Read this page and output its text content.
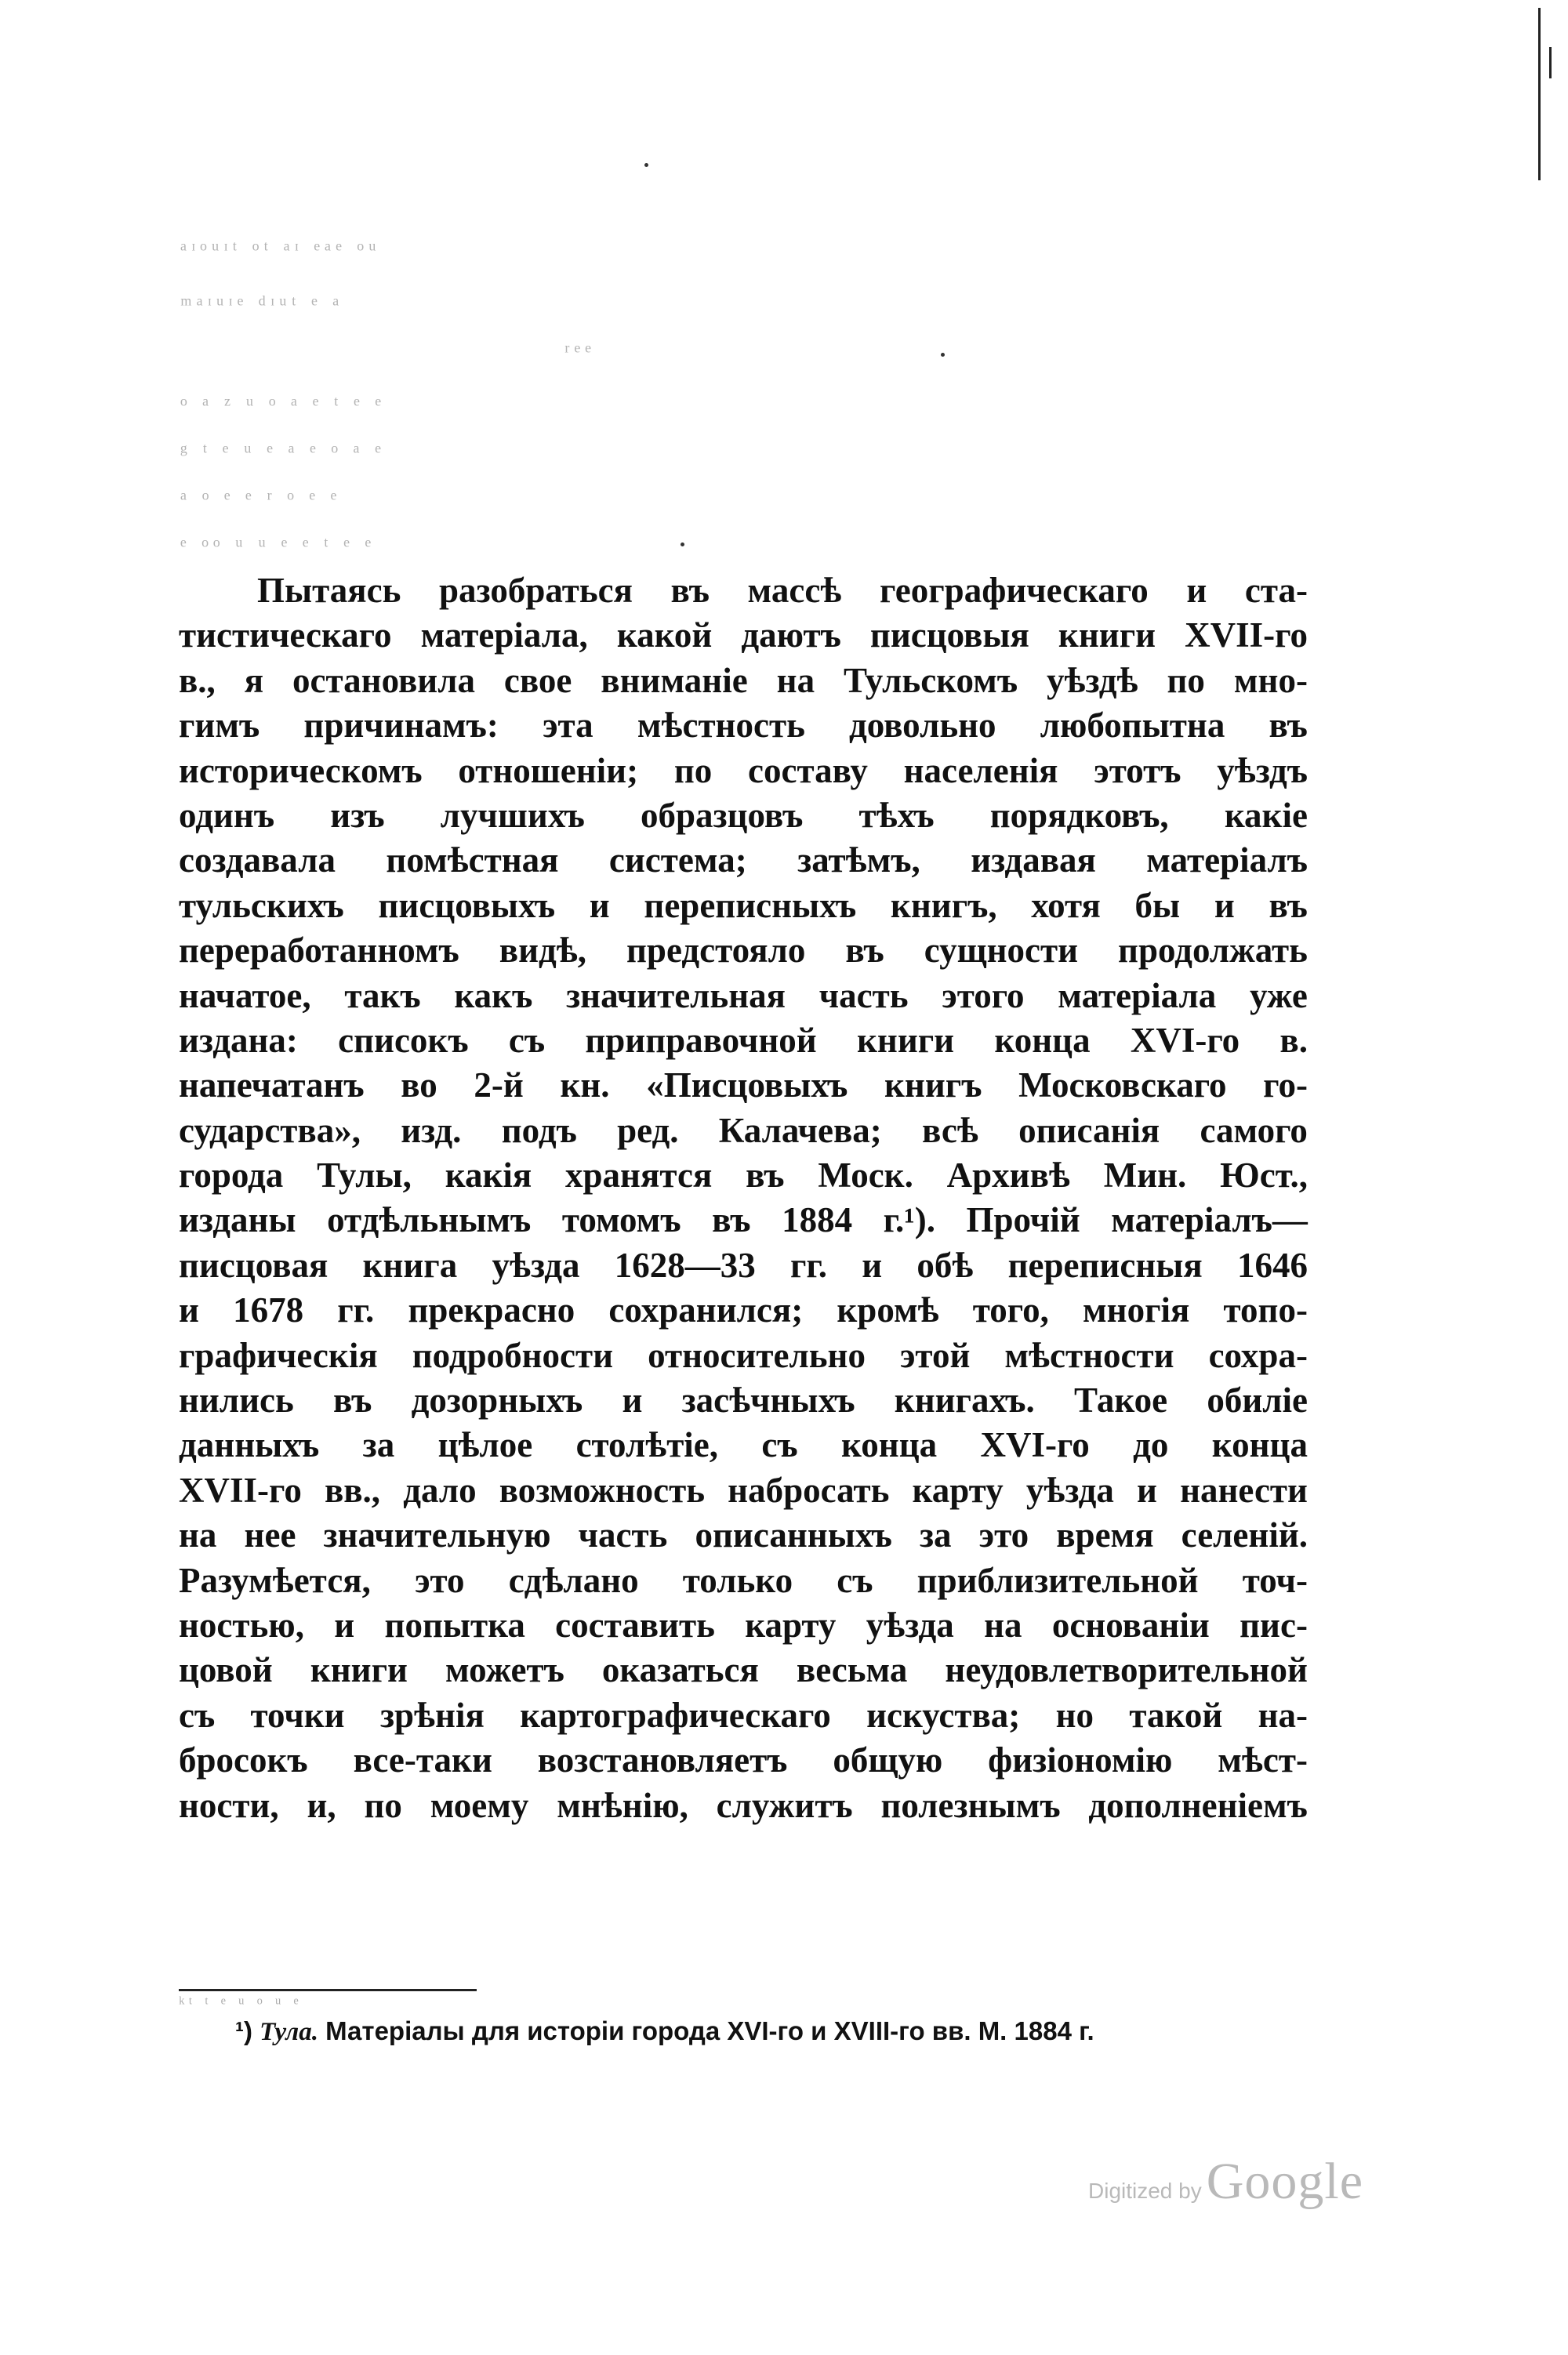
ᵃᶦᵒᵘᶦᵗ ᵒᵗ ᵃᶦ ᵉᵃᵉ ᵒᵘ
ᵐᵃᶦᵘᶦᵉ ᵈᶦᵘᵗ ᵉ ᵃ
ʳᵉᵉ
ᵒ ᵃ ᶻ ᵘ ᵒ ᵃ ᵉ ᵗ ᵉ ᵉ
ᵍ ᵗ ᵉ ᵘ ᵉ ᵃ ᵉ ᵒ ᵃ ᵉ
ᵃ ᵒ ᵉ ᵉ ʳ ᵒ ᵉ ᵉ
ᵉ ᵒᵒ ᵘ ᵘ ᵉ ᵉ ᵗ ᵉ ᵉ
Пытаясь разобраться въ массѣ географическаго и ста-
тистическаго матеріала, какой даютъ писцовыя книги XVII-го
в., я остановила свое вниманіе на Тульскомъ уѣздѣ по мно-
гимъ причинамъ: эта мѣстность довольно любопытна въ
историческомъ отношеніи; по составу населенія этотъ уѣздъ
одинъ изъ лучшихъ образцовъ тѣхъ порядковъ, какіе
создавала помѣстная система; затѣмъ, издавая матеріалъ
тульскихъ писцовыхъ и переписныхъ книгъ, хотя бы и въ
переработанномъ видѣ, предстояло въ сущности продолжать
начатое, такъ какъ значительная часть этого матеріала уже
издана: списокъ съ приправочной книги конца XVI-го в.
напечатанъ во 2-й кн. «Писцовыхъ книгъ Московскаго го-
сударства», изд. подъ ред. Калачева; всѣ описанія самого
города Тулы, какія хранятся въ Моск. Архивѣ Мин. Юст.,
изданы отдѣльнымъ томомъ въ 1884 г.¹). Прочій матеріалъ—
писцовая книга уѣзда 1628—33 гг. и обѣ переписныя 1646
и 1678 гг. прекрасно сохранился; кромѣ того, многія топо-
графическія подробности относительно этой мѣстности сохра-
нились въ дозорныхъ и засѣчныхъ книгахъ. Такое обиліе
данныхъ за цѣлое столѣтіе, съ конца XVI-го до конца
XVII-го вв., дало возможность набросать карту уѣзда и нанести
на нее значительную часть описанныхъ за это время селеній.
Разумѣется, это сдѣлано только съ приблизительной точ-
ностью, и попытка составить карту уѣзда на основаніи пис-
цовой книги можетъ оказаться весьма неудовлетворительной
съ точки зрѣнія картографическаго искуства; но такой на-
бросокъ все-таки возстановляетъ общую физіономію мѣст-
ности, и, по моему мнѣнію, служитъ полезнымъ дополненіемъ
ᵏᵗ ᵗ ᵉ ᵘ ᵒ ᵘ ᵉ
¹) Тула. Матеріалы для исторіи города XVI-го и XVIII-го вв. М. 1884 г.
Digitized by Google
